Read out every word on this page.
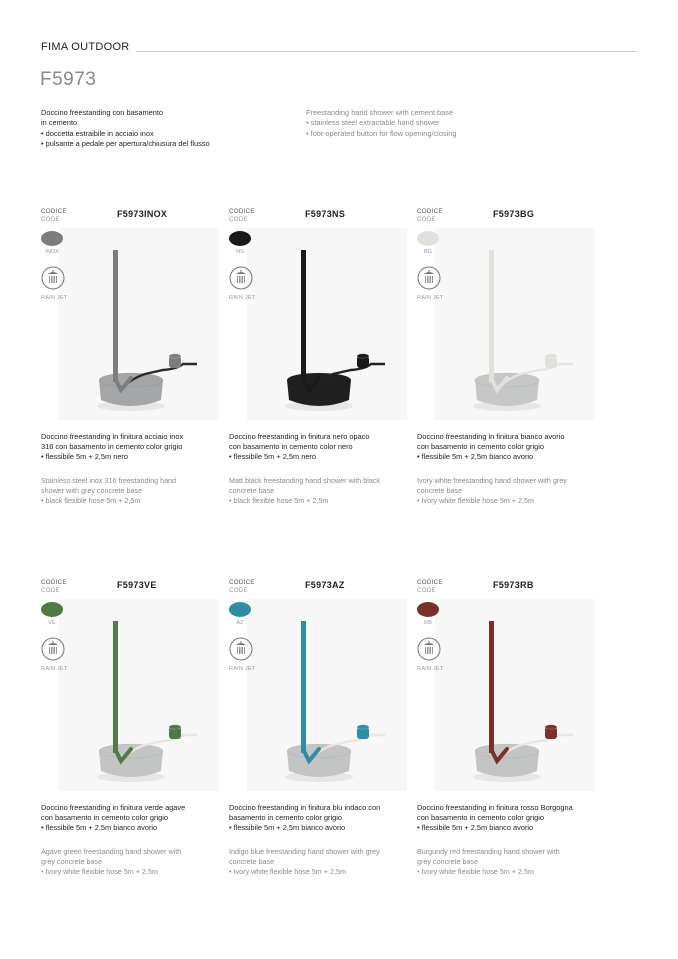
FIMA OUTDOOR
F5973
Doccino freestanding con basamento
in cemento
• doccetta estraibile in acciaio inox
• pulsante a pedale per apertura/chiusura del flusso
Freestanding hand shower with cement base
• stainless steel extractable hand shower
• foot-operated button for flow opening/closing
CODICE
CODE
F5973INOX
INOX
RAIN JET
Doccino freestanding in finitura acciaio inox
316 con basamento in cemento color grigio
• flessibile 5m + 2,5m nero
Stainless steel inox 316 freestanding hand
shower with grey concrete base
• black flexible hose 5m + 2,5m
CODICE
CODE
F5973NS
NS
RAIN JET
Doccino freestanding in finitura nero opaco
con basamento in cemento color nero
• flessibile 5m + 2,5m nero
Matt black freestanding hand shower with black
concrete base
• black flexible hose 5m + 2,5m
CODICE
CODE
F5973BG
BG
RAIN JET
Doccino freestanding in finitura bianco avorio
con basamento in cemento color grigio
• flessibile 5m + 2,5m bianco avorio
Ivory white freestanding hand shower with grey
concrete base
• Ivory white flexible hose 5m + 2,5m
CODICE
CODE
F5973VE
VE
RAIN JET
Doccino freestanding in finitura verde agave
con basamento in cemento color grigio
• flessibile 5m + 2,5m bianco avorio
Agave green freestanding hand shower with
grey concrete base
• Ivory white flexible hose 5m + 2,5m
CODICE
CODE
F5973AZ
AZ
RAIN JET
Doccino freestanding in finitura blu indaco con
basamento in cemento color grigio
• flessibile 5m + 2,5m bianco avorio
Indigo blue freestanding hand shower with grey
concrete base
• Ivory white flexible hose 5m + 2,5m
CODICE
CODE
F5973RB
RB
RAIN JET
Doccino freestanding in finitura rosso Borgogna
con basamento in cemento color grigio
• flessibile 5m + 2,5m bianco avorio
Burgundy red freestanding hand shower with
grey concrete base
• Ivory white flexible hose 5m + 2,5m
